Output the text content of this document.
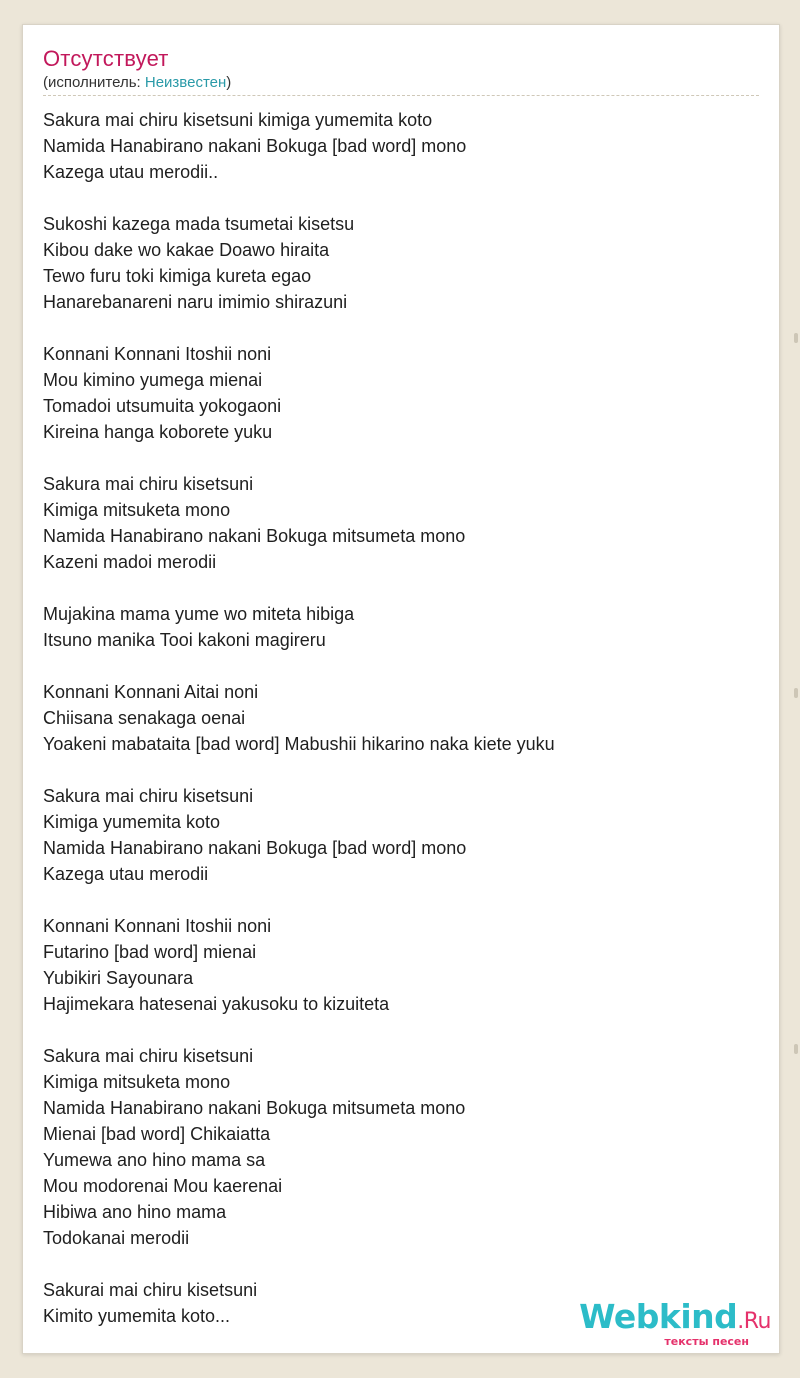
Отсутствует
(исполнитель: Неизвестен)
Sakura mai chiru kisetsuni kimiga yumemita koto
Namida Hanabirano nakani Bokuga [bad word] mono
Kazega utau merodii..
Sukoshi kazega mada tsumetai kisetsu
Kibou dake wo kakae Doawo hiraita
Tewo furu toki kimiga kureta egao
Hanarebanareni naru imimio shirazuni
Konnani Konnani Itoshii noni
Mou kimino yumega mienai
Tomadoi utsumuita yokogaoni
Kireina hanga koborete yuku
Sakura mai chiru kisetsuni
Kimiga mitsuketa mono
Namida Hanabirano nakani Bokuga mitsumeta mono
Kazeni madoi merodii
Mujakina mama yume wo miteta hibiga
Itsuno manika Tooi kakoni magireru
Konnani Konnani Aitai noni
Chiisana senakaga oenai
Yoakeni mabataita [bad word] Mabushii hikarino naka kiete yuku
Sakura mai chiru kisetsuni
Kimiga yumemita koto
Namida Hanabirano nakani Bokuga [bad word] mono
Kazega utau merodii
Konnani Konnani Itoshii noni
Futarino [bad word] mienai
Yubikiri Sayounara
Hajimekara hatesenai yakusoku to kizuiteta
Sakura mai chiru kisetsuni
Kimiga mitsuketa mono
Namida Hanabirano nakani Bokuga mitsumeta mono
Mienai [bad word] Chikaiatta
Yumewa ano hino mama sa
Mou modorenai Mou kaerenai
Hibiwa ano hino mama
Todokanai merodii
Sakurai mai chiru kisetsuni
Kimito yumemita koto...	Webkind.Ru
тексты песен
